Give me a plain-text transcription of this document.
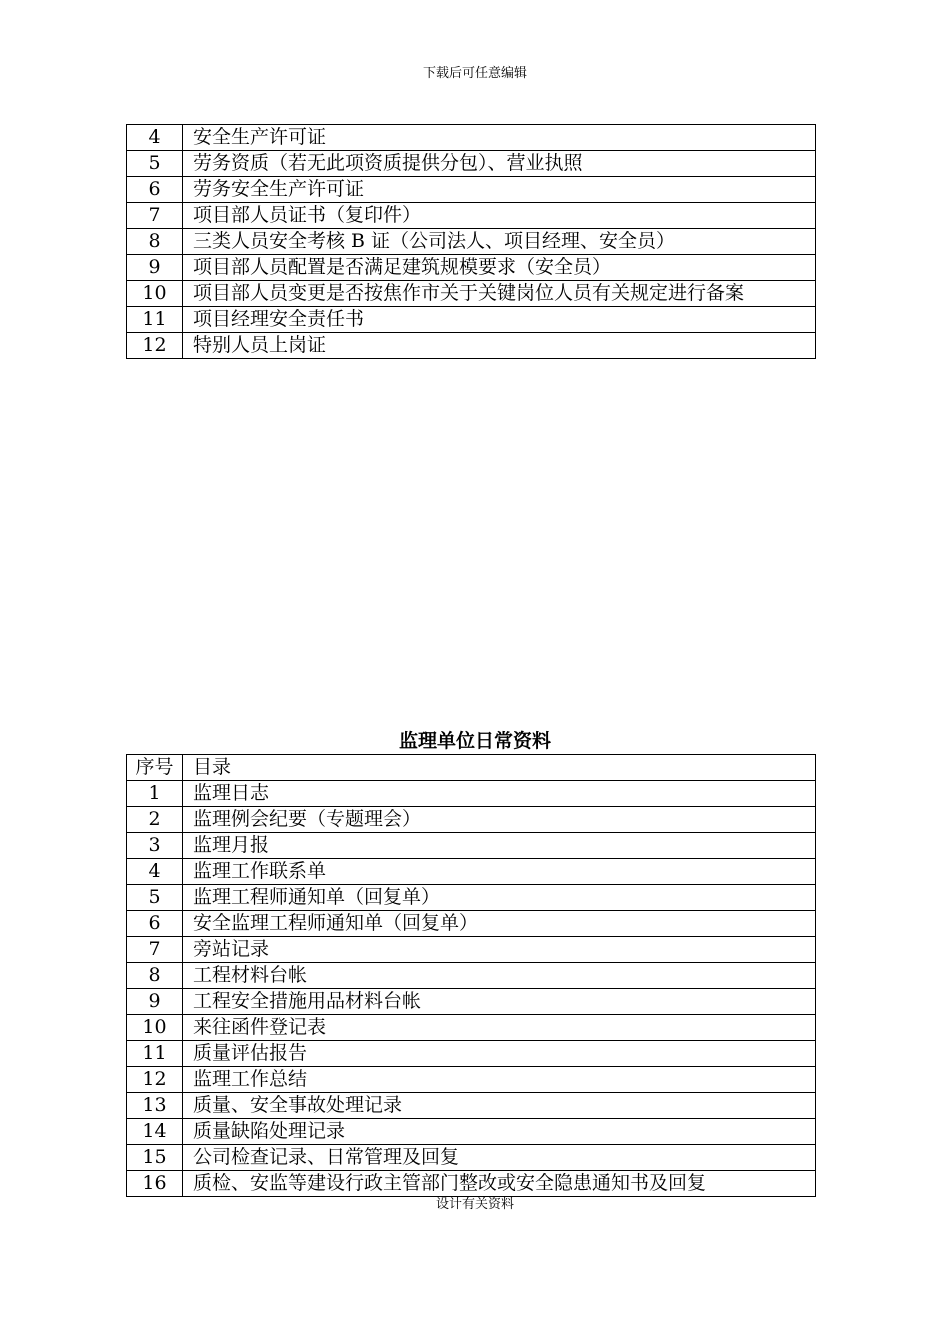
下载后可任意编辑
4	安全生产许可证
5	劳务资质（若无此项资质提供分包）、营业执照
6	劳务安全生产许可证
7	项目部人员证书（复印件）
8	三类人员安全考核 B 证（公司法人、项目经理、安全员）
9	项目部人员配置是否满足建筑规模要求（安全员）
10	项目部人员变更是否按焦作市关于关键岗位人员有关规定进行备案
11	项目经理安全责任书
12	特别人员上岗证
监理单位日常资料
序号	目录
1	监理日志
2	监理例会纪要（专题理会）
3	监理月报
4	监理工作联系单
5	监理工程师通知单（回复单）
6	安全监理工程师通知单（回复单）
7	旁站记录
8	工程材料台帐
9	工程安全措施用品材料台帐
10	来往函件登记表
11	质量评估报告
12	监理工作总结
13	质量、安全事故处理记录
14	质量缺陷处理记录
15	公司检查记录、日常管理及回复
16	质检、安监等建设行政主管部门整改或安全隐患通知书及回复
设计有关资料
